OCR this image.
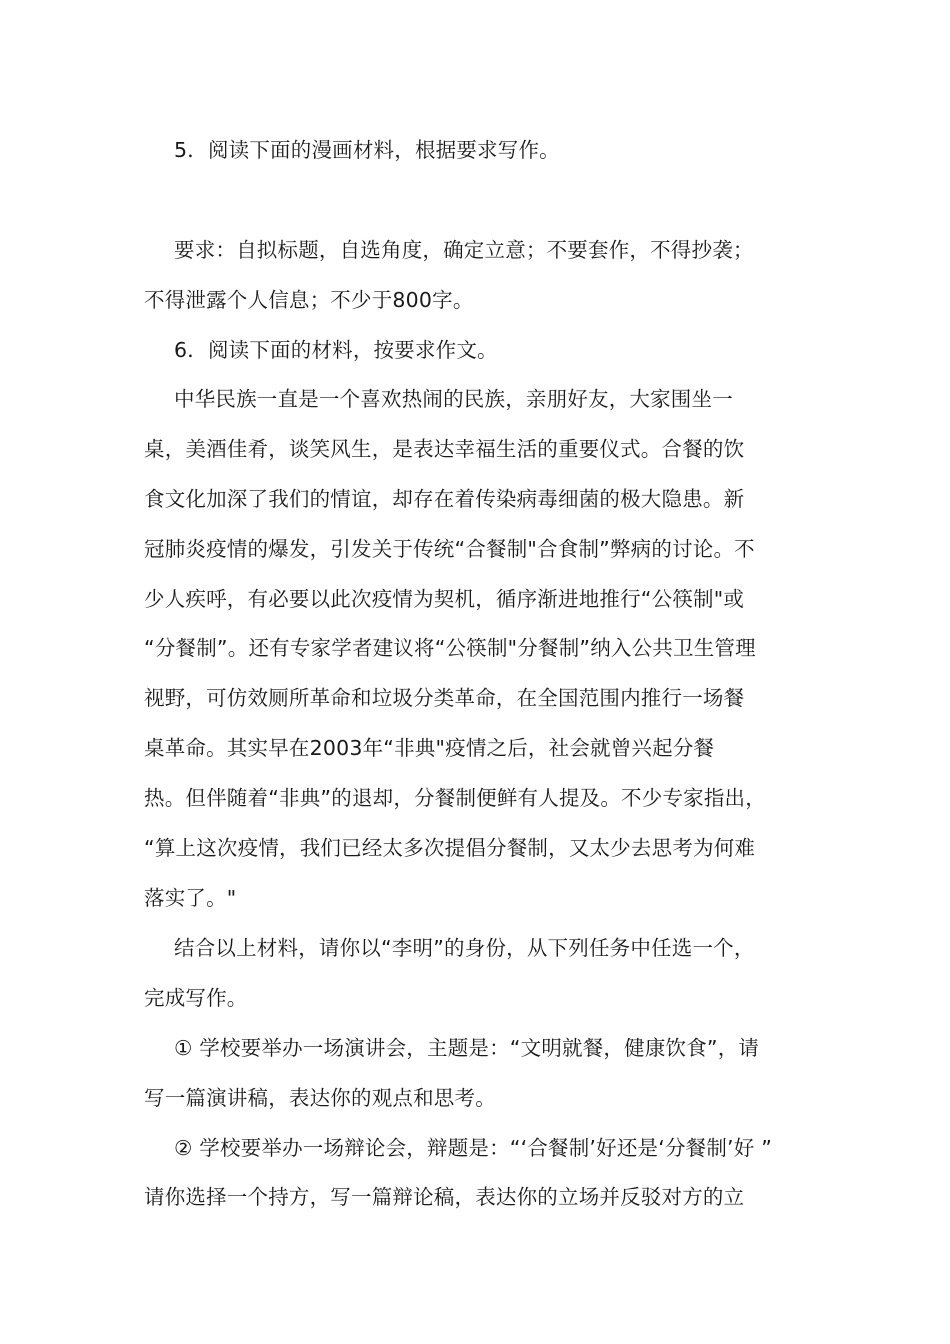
5．阅读下面的漫画材料，根据要求写作。
要求：自拟标题，自选角度，确定立意；不要套作，不得抄袭；
不得泄露个人信息；不少于800字。
6．阅读下面的材料，按要求作文。
中华民族一直是一个喜欢热闹的民族，亲朋好友，大家围坐一
桌，美酒佳肴，谈笑风生，是表达幸福生活的重要仪式。合餐的饮
食文化加深了我们的情谊，却存在着传染病毒细菌的极大隐患。新
冠肺炎疫情的爆发，引发关于传统“合餐制"合食制”弊病的讨论。不
少人疾呼，有必要以此次疫情为契机，循序渐进地推行“公筷制"或
“分餐制”。还有专家学者建议将“公筷制"分餐制”纳入公共卫生管理
视野，可仿效厕所革命和垃圾分类革命，在全国范围内推行一场餐
桌革命。其实早在2003年“非典"疫情之后，社会就曾兴起分餐
热。但伴随着“非典”的退却，分餐制便鲜有人提及。不少专家指出，
“算上这次疫情，我们已经太多次提倡分餐制，又太少去思考为何难
落实了。"
结合以上材料，请你以“李明”的身份，从下列任务中任选一个，
完成写作。
① 学校要举办一场演讲会，主题是：“文明就餐，健康饮食”，请
写一篇演讲稿，表达你的观点和思考。
② 学校要举办一场辩论会，辩题是：“‘合餐制’好还是‘分餐制’好 ”
请你选择一个持方，写一篇辩论稿，表达你的立场并反驳对方的立
